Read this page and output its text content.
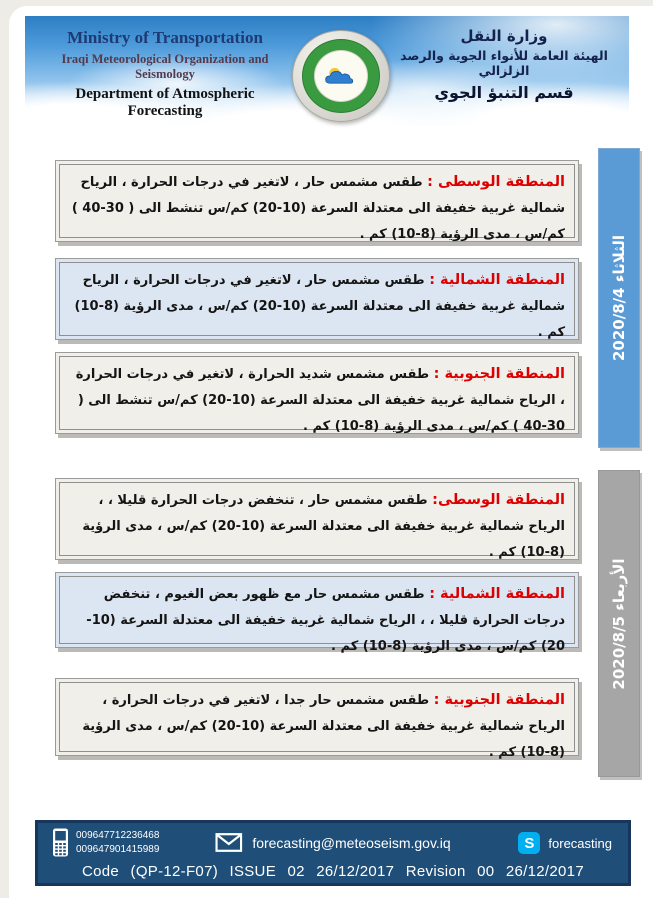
Ministry of Transportation
Iraqi Meteorological Organization and Seismology
Department of Atmospheric Forecasting
وزارة النقل
الهيئة العامة للأنواء الجوية والرصد الزلزالي
قسم التنبؤ الجوي

المنطقة الوسطى : طقس مشمس حار ، لاتغير في درجات الحرارة ، الرياح شمالية غربية خفيفة الى معتدلة السرعة (10-20) كم/س تنشط الى ( 30-40 ) كم/س ، مدى الرؤية (8-10) كم .

المنطقة الشمالية : طقس مشمس حار ، لاتغير في درجات الحرارة ، الرياح شمالية غربية خفيفة الى معتدلة السرعة (10-20) كم/س ، مدى الرؤية (8-10) كم .

المنطقة الجنوبية : طقس مشمس شديد الحرارة ، لاتغير في درجات الحرارة ، الرياح شمالية غربية خفيفة الى معتدلة السرعة (10-20) كم/س تنشط الى ( 30-40 ) كم/س ، مدى الرؤية (8-10) كم .

الثلاثاء 2020/8/4

المنطقة الوسطى: طقس مشمس حار ، تنخفض درجات الحرارة قليلا ، ، الرياح شمالية غربية خفيفة الى معتدلة السرعة (10-20) كم/س ، مدى الرؤية (8-10) كم .

المنطقة الشمالية : طقس مشمس حار مع ظهور بعض الغيوم ، تنخفض درجات الحرارة قليلا ، ، الرياح شمالية غربية خفيفة الى معتدلة السرعة (10-20) كم/س ، مدى الرؤية (8-10) كم .

المنطقة الجنوبية : طقس مشمس حار جدا ، لاتغير في درجات الحرارة ، الرياح شمالية غربية خفيفة الى معتدلة السرعة (10-20) كم/س ، مدى الرؤية (8-10) كم .

الأربعاء 2020/8/5
009647712236468
009647901415989	forecasting@meteoseism.gov.iq	S forecasting
Code (QP-12-F07) ISSUE 02 26/12/2017 Revision 00 26/12/2017
